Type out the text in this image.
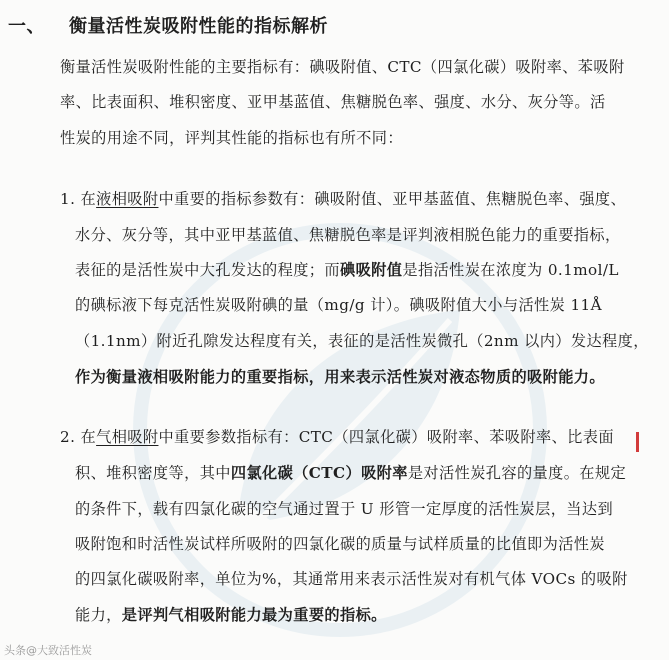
一、 衡量活性炭吸附性能的指标解析
衡量活性炭吸附性能的主要指标有：碘吸附值、CTC（四氯化碳）吸附率、苯吸附
率、比表面积、堆积密度、亚甲基蓝值、焦糖脱色率、强度、水分、灰分等。活
性炭的用途不同，评判其性能的指标也有所不同：
1. 在液相吸附中重要的指标参数有：碘吸附值、亚甲基蓝值、焦糖脱色率、强度、
水分、灰分等，其中亚甲基蓝值、焦糖脱色率是评判液相脱色能力的重要指标，
表征的是活性炭中大孔发达的程度；而碘吸附值是指活性炭在浓度为 0.1mol/L
的碘标液下每克活性炭吸附碘的量（mg/g 计）。碘吸附值大小与活性炭 11Å
（1.1nm）附近孔隙发达程度有关，表征的是活性炭微孔（2nm 以内）发达程度，
作为衡量液相吸附能力的重要指标，用来表示活性炭对液态物质的吸附能力。
2. 在气相吸附中重要参数指标有：CTC（四氯化碳）吸附率、苯吸附率、比表面
积、堆积密度等，其中四氯化碳（CTC）吸附率是对活性炭孔容的量度。在规定
的条件下，载有四氯化碳的空气通过置于 U 形管一定厚度的活性炭层，当达到
吸附饱和时活性炭试样所吸附的四氯化碳的质量与试样质量的比值即为活性炭
的四氯化碳吸附率，单位为%，其通常用来表示活性炭对有机气体 VOCs 的吸附
能力，是评判气相吸附能力最为重要的指标。
头条@大致活性炭
